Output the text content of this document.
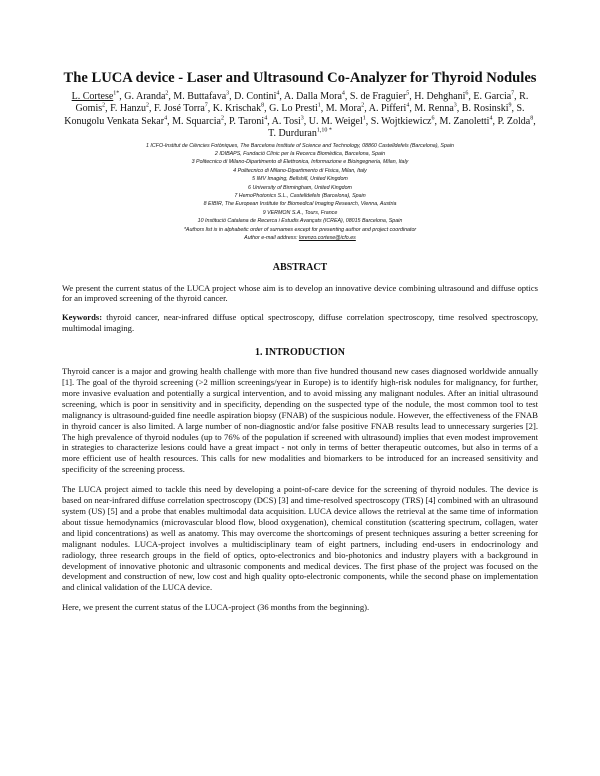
The LUCA device - Laser and Ultrasound Co-Analyzer for Thyroid Nodules
L. Cortese$^{1*}$, G. Aranda$^2$, M. Buttafava$^3$, D. Contini$^4$, A. Dalla Mora$^4$, S. de Fraguier$^5$, H. Dehghani$^6$, E. Garcia$^7$, R. Gomis$^2$, F. Hanzu$^2$, F. José Torra$^7$, K. Krischak$^8$, G. Lo Presti$^1$, M. Mora$^2$, A. Pifferi$^4$, M. Renna$^3$, B. Rosinski$^9$, S. Konugolu Venkata Sekar$^4$, M. Squarcia$^2$, P. Taroni$^4$, A. Tosi$^3$, U. M. Weigel$^1$, S. Wojtkiewicz$^6$, M. Zanoletti$^4$, P. Zolda$^8$, T. Durduran$^{1,10}$ *
1 ICFO-Institut de Ciències Fotòniques, The Barcelona Institute of Science and Technology, 08860 Castelldefels (Barcelona), Spain
2 IDIBAPS, Fundació Clínic per la Recerca Biomèdica, Barcelona, Spain
3 Politecnico di Milano-Dipartimento di Elettronica, Informazione e Bioingegneria, Milan, Italy
4 Politecnico di Milano-Dipartimento di Fisica, Milan, Italy
5 IMV Imaging, Bellshill, United Kingdom
6 University of Birmingham, United Kingdom
7 HemoPhotonics S.L., Castelldefels (Barcelona), Spain
8 EIBIR, The European Institute for Biomedical Imaging Research, Vienna, Austria
9 VERMON S.A., Tours, France
10 Institució Catalana de Recerca i Estudis Avançats (ICREA), 08015 Barcelona, Spain
*Authors list is in alphabetic order of surnames except for presenting author and project coordinator
Author e-mail address: lorenzo.cortese@icfo.es
ABSTRACT

We present the current status of the LUCA project whose aim is to develop an innovative device combining ultrasound and diffuse optics for an improved screening of the thyroid cancer.

Keywords: thyroid cancer, near-infrared diffuse optical spectroscopy, diffuse correlation spectroscopy, time resolved spectroscopy, multimodal imaging.

1. INTRODUCTION

Thyroid cancer is a major and growing health challenge with more than five hundred thousand new cases diagnosed worldwide annually [1]. The goal of the thyroid screening (>2 million screenings/year in Europe) is to identify high-risk nodules for malignancy, for further, more invasive evaluation and potentially a surgical intervention, and to avoid missing any malignant nodules. After an initial ultrasound screening, which is poor in sensitivity and in specificity, depending on the suspected type of the nodule, the most common tool to test malignancy is ultrasound-guided fine needle aspiration biopsy (FNAB) of the suspicious nodule. However, the effectiveness of the FNAB in thyroid cancer is also limited. A large number of non-diagnostic and/or false positive FNAB results lead to unnecessary surgeries [2]. The high prevalence of thyroid nodules (up to 76% of the population if screened with ultrasound) implies that even modest improvement in strategies to characterize lesions could have a great impact - not only in terms of better therapeutic outcomes, but also in terms of a more efficient use of health resources. This calls for new modalities and biomarkers to be introduced for an increased sensitivity and specificity of the screening process.

The LUCA project aimed to tackle this need by developing a point-of-care device for the screening of thyroid nodules. The device is based on near-infrared diffuse correlation spectroscopy (DCS) [3] and time-resolved spectroscopy (TRS) [4] combined with an ultrasound system (US) [5] and a probe that enables multimodal data acquisition. LUCA device allows the retrieval at the same time of information about tissue hemodynamics (microvascular blood flow, blood oxygenation), chemical constitution (scattering spectrum, collagen, water and lipid concentrations) as well as anatomy. This may overcome the shortcomings of present techniques assuring a better screening for malignant nodules. LUCA-project involves a multidisciplinary team of eight partners, including end-users in endocrinology and radiology, three research groups in the field of optics, opto-electronics and bio-photonics and industry players with a background in development of innovative photonic and ultrasonic components and medical devices. The first phase of the project was focused on the development and construction of new, low cost and high quality opto-electronic components, while the second phase on implementation and clinical validation of the LUCA device.

Here, we present the current status of the LUCA-project (36 months from the beginning).
